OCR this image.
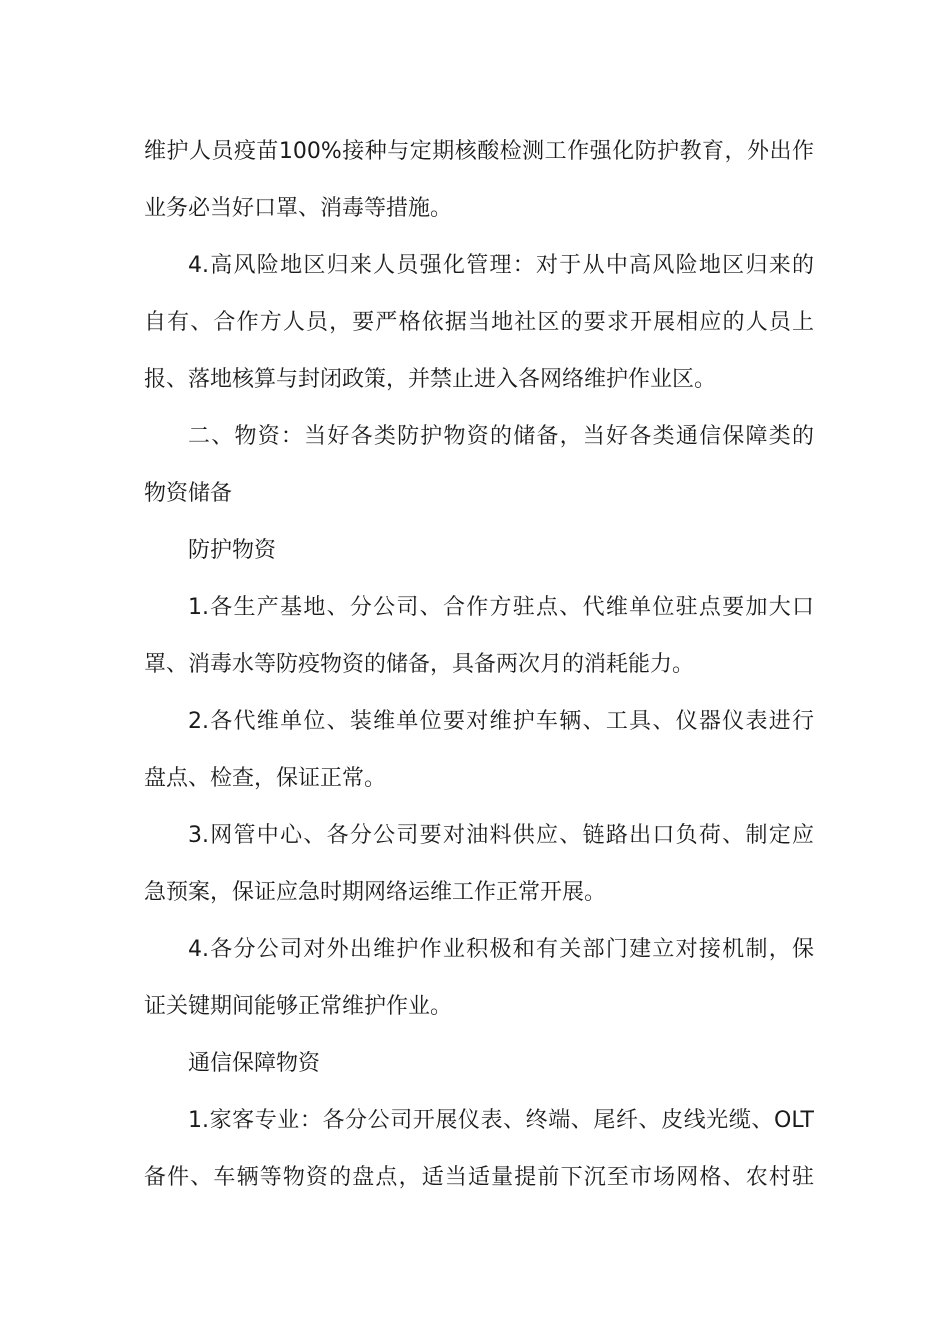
维护人员疫苗100%接种与定期核酸检测工作强化防护教育，外出作
业务必当好口罩、消毒等措施。
4.高风险地区归来人员强化管理：对于从中高风险地区归来的
自有、合作方人员，要严格依据当地社区的要求开展相应的人员上
报、落地核算与封闭政策，并禁止进入各网络维护作业区。
二、物资：当好各类防护物资的储备，当好各类通信保障类的
物资储备
防护物资
1.各生产基地、分公司、合作方驻点、代维单位驻点要加大口
罩、消毒水等防疫物资的储备，具备两次月的消耗能力。
2.各代维单位、装维单位要对维护车辆、工具、仪器仪表进行
盘点、检查，保证正常。
3.网管中心、各分公司要对油料供应、链路出口负荷、制定应
急预案，保证应急时期网络运维工作正常开展。
4.各分公司对外出维护作业积极和有关部门建立对接机制，保
证关键期间能够正常维护作业。
通信保障物资
1.家客专业：各分公司开展仪表、终端、尾纤、皮线光缆、OLT
备件、车辆等物资的盘点，适当适量提前下沉至市场网格、农村驻
